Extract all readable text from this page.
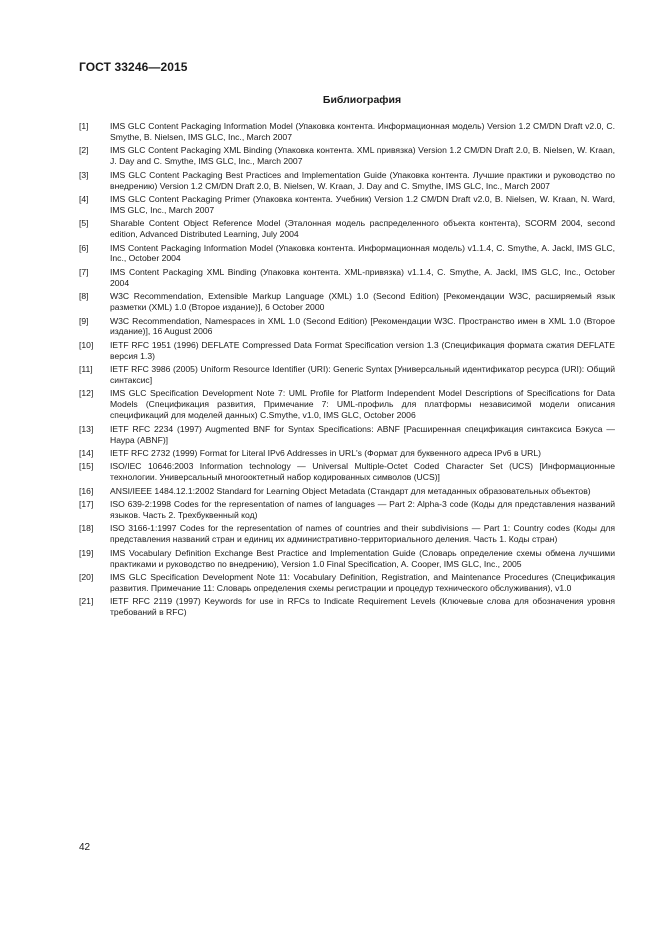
ГОСТ 33246—2015
Библиография
[1]	IMS GLC Content Packaging Information Model (Упаковка контента. Информационная модель) Version 1.2 CM/DN Draft v2.0, C. Smythe, B. Nielsen, IMS GLC, Inc., March 2007
[2]	IMS GLC Content Packaging XML Binding (Упаковка контента. XML привязка) Version 1.2 CM/DN Draft 2.0, B. Nielsen, W. Kraan, J. Day and C. Smythe, IMS GLC, Inc., March 2007
[3]	IMS GLC Content Packaging Best Practices and Implementation Guide (Упаковка контента. Лучшие практики и руководство по внедрению) Version 1.2 CM/DN Draft 2.0, B. Nielsen, W. Kraan, J. Day and C. Smythe, IMS GLC, Inc., March 2007
[4]	IMS GLC Content Packaging Primer (Упаковка контента. Учебник) Version 1.2 CM/DN Draft v2.0, B. Nielsen, W. Kraan, N. Ward, IMS GLC, Inc., March 2007
[5]	Sharable Content Object Reference Model (Эталонная модель распределенного объекта контента), SCORM 2004, second edition, Advanced Distributed Learning, July 2004
[6]	IMS Content Packaging Information Model (Упаковка контента. Информационная модель) v1.1.4, C. Smythe, A. Jackl, IMS GLC, Inc., October 2004
[7]	IMS Content Packaging XML Binding (Упаковка контента. XML-привязка) v1.1.4, C. Smythe, A. Jackl, IMS GLC, Inc., October 2004
[8]	W3C Recommendation, Extensible Markup Language (XML) 1.0 (Second Edition) [Рекомендации W3C, расширяемый язык разметки (XML) 1.0 (Второе издание)], 6 October 2000
[9]	W3C Recommendation, Namespaces in XML 1.0 (Second Edition) [Рекомендации W3C. Пространство имен в XML 1.0 (Второе издание)], 16 August 2006
[10]	IETF RFC 1951 (1996) DEFLATE Compressed Data Format Specification version 1.3 (Спецификация формата сжатия DEFLATE версия 1.3)
[11]	IETF RFC 3986 (2005) Uniform Resource Identifier (URI): Generic Syntax [Универсальный идентификатор ресурса (URI): Общий синтаксис]
[12]	IMS GLC Specification Development Note 7: UML Profile for Platform Independent Model Descriptions of Specifications for Data Models (Спецификация развития, Примечание 7: UML-профиль для платформы независимой модели описания спецификаций для моделей данных) C.Smythe, v1.0, IMS GLC, October 2006
[13]	IETF RFC 2234 (1997) Augmented BNF for Syntax Specifications: ABNF [Расширенная спецификация синтаксиса Бэкуса — Наура (ABNF)]
[14]	IETF RFC 2732 (1999) Format for Literal IPv6 Addresses in URL's (Формат для буквенного адреса IPv6 в URL)
[15]	ISO/IEC 10646:2003 Information technology — Universal Multiple-Octet Coded Character Set (UCS) [Информационные технологии. Универсальный многооктетный набор кодированных символов (UCS)]
[16]	ANSI/IEEE 1484.12.1:2002 Standard for Learning Object Metadata (Стандарт для метаданных образовательных объектов)
[17]	ISO 639-2:1998 Codes for the representation of names of languages — Part 2: Alpha-3 code (Коды для представления названий языков. Часть 2. Трехбуквенный код)
[18]	ISO 3166-1:1997 Codes for the representation of names of countries and their subdivisions — Part 1: Country codes (Коды для представления названий стран и единиц их административно-территориального деления. Часть 1. Коды стран)
[19]	IMS Vocabulary Definition Exchange Best Practice and Implementation Guide (Словарь определение схемы обмена лучшими практиками и руководство по внедрению), Version 1.0 Final Specification, A. Cooper, IMS GLC, Inc., 2005
[20]	IMS GLC Specification Development Note 11: Vocabulary Definition, Registration, and Maintenance Procedures (Спецификация развития. Примечание 11: Словарь определения схемы регистрации и процедур технического обслуживания), v1.0
[21]	IETF RFC 2119 (1997) Keywords for use in RFCs to Indicate Requirement Levels (Ключевые слова для обозначения уровня требований в RFC)
42
